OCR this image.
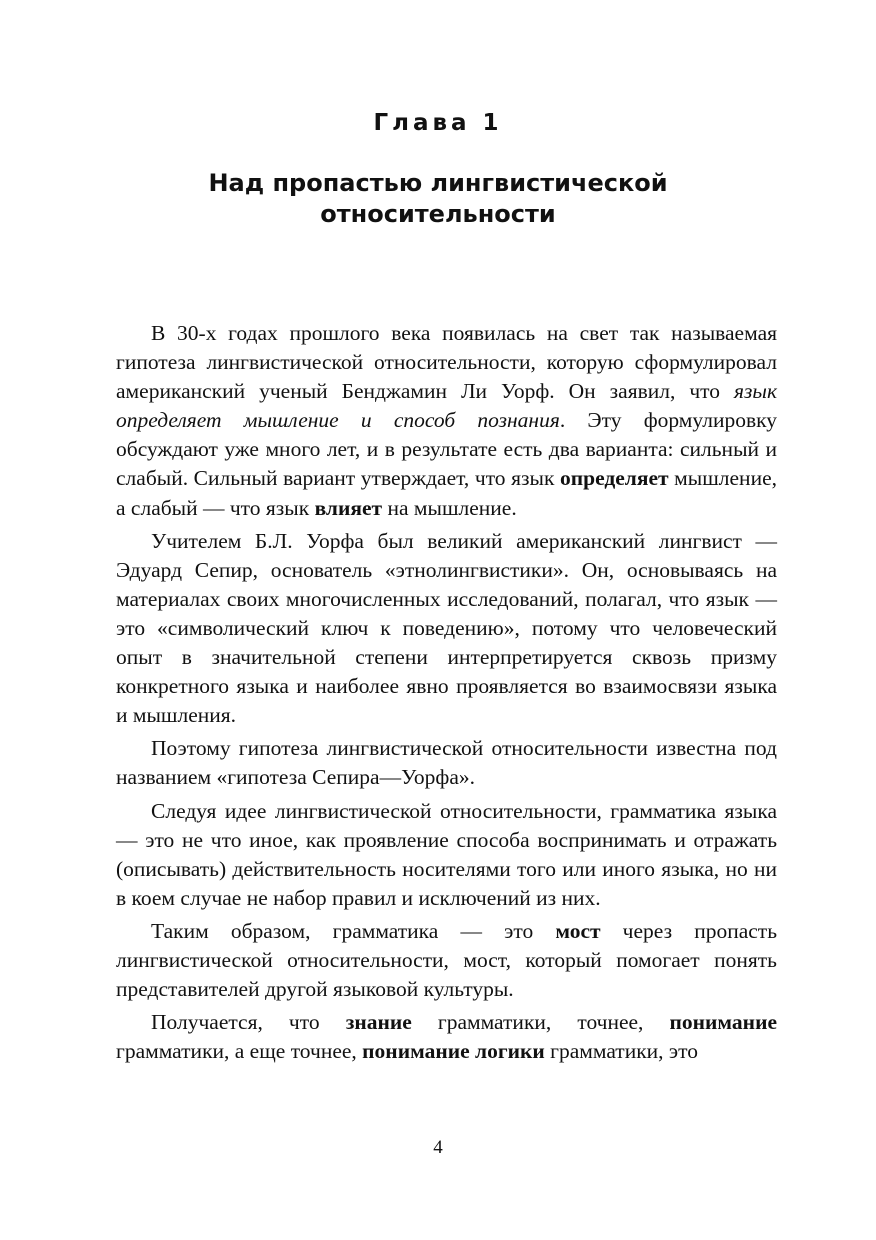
Глава 1
Над пропастью лингвистической
относительности

В 30-х годах прошлого века появилась на свет так называемая гипотеза лингвистической относительности, которую сформулировал американский ученый Бенджамин Ли Уорф. Он заявил, что язык определяет мышление и способ познания. Эту формулировку обсуждают уже много лет, и в результате есть два варианта: сильный и слабый. Сильный вариант утверждает, что язык определяет мышление, а слабый — что язык влияет на мышление.

Учителем Б.Л. Уорфа был великий американский лингвист — Эдуард Сепир, основатель «этнолингвистики». Он, основываясь на материалах своих многочисленных исследований, полагал, что язык — это «символический ключ к поведению», потому что человеческий опыт в значительной степени интерпретируется сквозь призму конкретного языка и наиболее явно проявляется во взаимосвязи языка и мышления.

Поэтому гипотеза лингвистической относительности известна под названием «гипотеза Сепира—Уорфа».

Следуя идее лингвистической относительности, грамматика языка — это не что иное, как проявление способа воспринимать и отражать (описывать) действительность носителями того или иного языка, но ни в коем случае не набор правил и исключений из них.

Таким образом, грамматика — это мост через пропасть лингвистической относительности, мост, который помогает понять представителей другой языковой культуры.

Получается, что знание грамматики, точнее, понимание грамматики, а еще точнее, понимание логики грамматики, это

4
